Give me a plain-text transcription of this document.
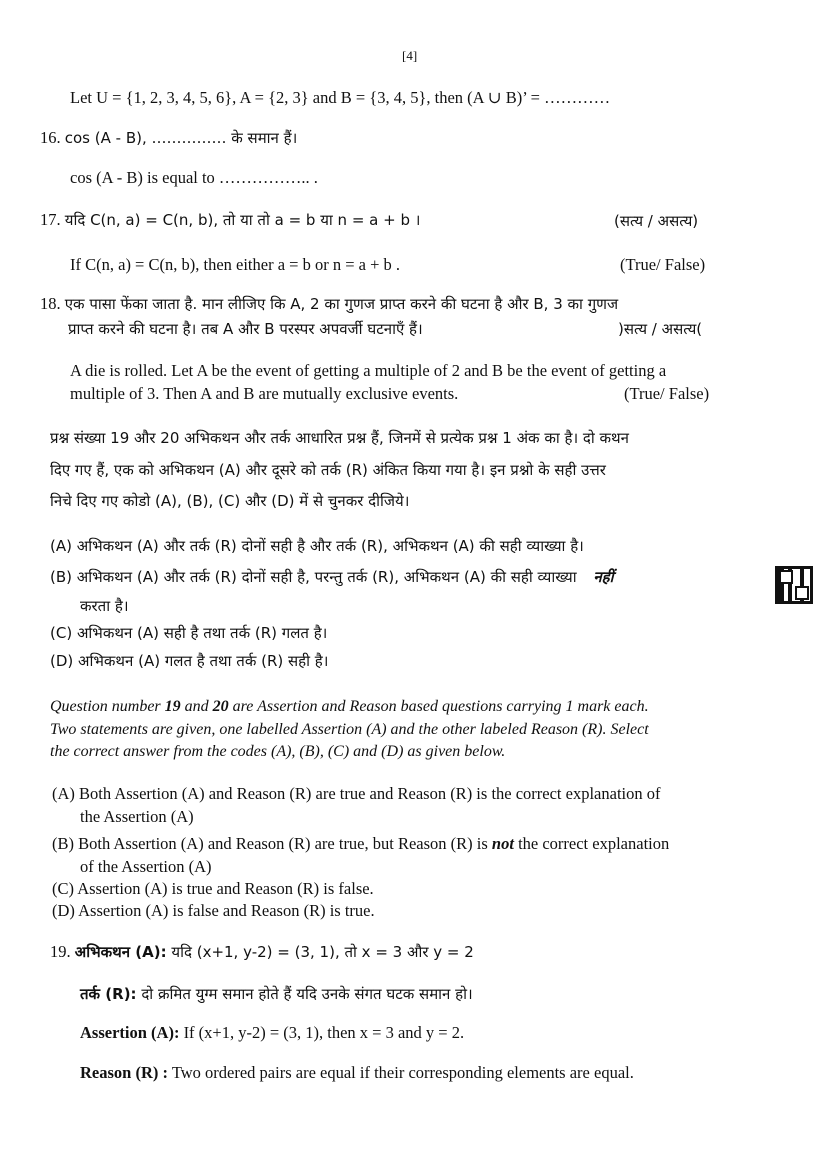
[4]
Let U = {1, 2, 3, 4, 5, 6}, A = {2, 3} and B = {3, 4, 5}, then (A ∪ B)’ = …………
16. cos (A - B), …………… के समान हैं।
cos (A - B) is equal to …………….. .
17. यदि C(n, a) = C(n, b), तो या तो a = b या n = a + b ।	(सत्य / असत्य)
If C(n, a) = C(n, b), then either a = b or n = a + b .	(True/ False)
18. एक पासा फेंका जाता है. मान लीजिए कि A, 2 का गुणज प्राप्त करने की घटना है और B, 3 का गुणज
प्राप्त करने की घटना है। तब A और B परस्पर अपवर्जी घटनाएँ हैं।	)सत्य / असत्य(
A die is rolled. Let A be the event of getting a multiple of 2 and B be the event of getting a
multiple of 3. Then A and B are mutually exclusive events.	(True/ False)
प्रश्न संख्या 19 और 20 अभिकथन और तर्क आधारित प्रश्न हैं, जिनमें से प्रत्येक प्रश्न 1 अंक का है। दो कथन
दिए गए हैं, एक को अभिकथन (A) और दूसरे को तर्क (R) अंकित किया गया है। इन प्रश्नो के सही उत्तर
निचे दिए गए कोडो (A), (B), (C) और (D) में से चुनकर दीजिये।
(A) अभिकथन (A) और तर्क (R) दोनों सही है और तर्क (R), अभिकथन (A) की सही व्याख्या है।
(B) अभिकथन (A) और तर्क (R) दोनों सही है, परन्तु तर्क (R), अभिकथन (A) की सही व्याख्या नहीं
करता है।
(C) अभिकथन (A) सही है तथा तर्क (R) गलत है।
(D) अभिकथन (A) गलत है तथा तर्क (R) सही है।
Question number 19 and 20 are Assertion and Reason based questions carrying 1 mark each.
Two statements are given, one labelled Assertion (A) and the other labeled Reason (R). Select
the correct answer from the codes (A), (B), (C) and (D) as given below.
(A) Both Assertion (A) and Reason (R) are true and Reason (R) is the correct explanation of
the Assertion (A)
(B) Both Assertion (A) and Reason (R) are true, but Reason (R) is not the correct explanation
of the Assertion (A)
(C) Assertion (A) is true and Reason (R) is false.
(D) Assertion (A) is false and Reason (R) is true.
19. अभिकथन (A): यदि (x+1, y-2) = (3, 1), तो x = 3 और y = 2
तर्क (R): दो क्रमित युग्म समान होते हैं यदि उनके संगत घटक समान हो।
Assertion (A): If (x+1, y-2) = (3, 1), then x = 3 and y = 2.
Reason (R) : Two ordered pairs are equal if their corresponding elements are equal.
